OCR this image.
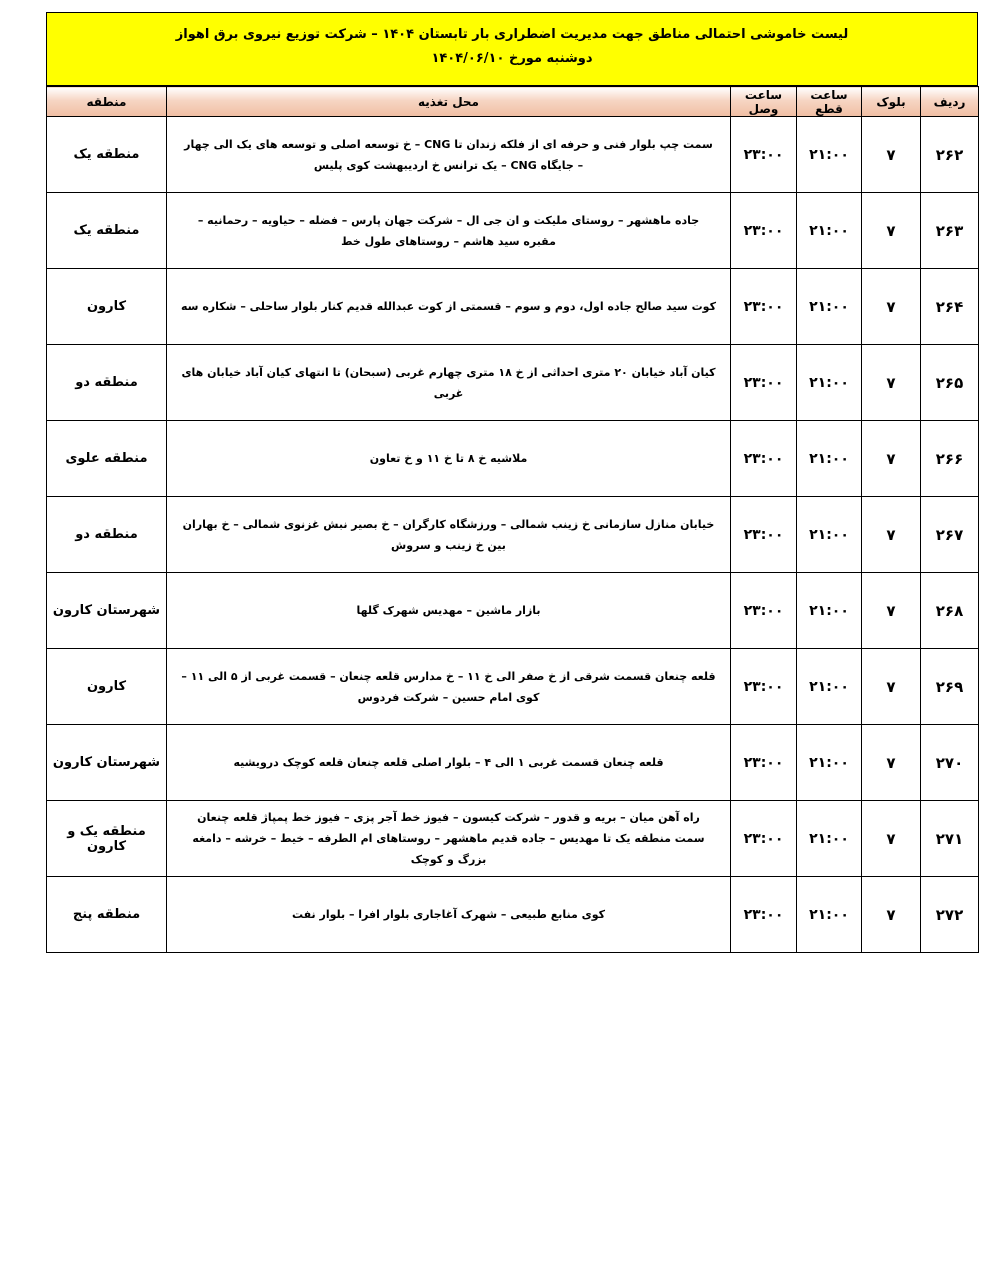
لیست خاموشی احتمالی مناطق جهت مدیریت اضطراری بار تابستان ۱۴۰۴ – شرکت توزیع نیروی برق اهواز
دوشنبه مورخ ۱۴۰۴/۰۶/۱۰
ردیف	بلوک	ساعت قطع	ساعت وصل	محل تغذیه	منطقه
۲۶۲	۷	۲۱:۰۰	۲۳:۰۰	سمت چپ بلوار فنی و حرفه ای از فلکه زندان تا CNG – خ توسعه اصلی و توسعه های یک الی چهار – جایگاه CNG – یک ترانس خ اردیبهشت کوی پلیس	منطقه یک
۲۶۳	۷	۲۱:۰۰	۲۳:۰۰	جاده ماهشهر – روستای ملیکت و ان جی ال – شرکت جهان پارس – فضله – حیاویه – رحمانیه – مقبره سید هاشم – روستاهای طول خط	منطقه یک
۲۶۴	۷	۲۱:۰۰	۲۳:۰۰	کوت سید صالح جاده اول، دوم و سوم – قسمتی از کوت عبدالله قدیم کنار بلوار ساحلی – شکاره سه	کارون
۲۶۵	۷	۲۱:۰۰	۲۳:۰۰	کیان آباد خیابان ۲۰ متری احداثی از خ ۱۸ متری چهارم غربی (سبحان) تا انتهای کیان آباد خیابان های غربی	منطقه دو
۲۶۶	۷	۲۱:۰۰	۲۳:۰۰	ملاشیه خ ۸ تا خ ۱۱ و خ تعاون	منطقه علوی
۲۶۷	۷	۲۱:۰۰	۲۳:۰۰	خیابان منازل سازمانی خ زینب شمالی – ورزشگاه کارگران – خ بصیر نبش غزنوی شمالی – خ بهاران بین خ زینب و سروش	منطقه دو
۲۶۸	۷	۲۱:۰۰	۲۳:۰۰	بازار ماشین – مهدیس شهرک گلها	شهرستان کارون
۲۶۹	۷	۲۱:۰۰	۲۳:۰۰	قلعه چنعان قسمت شرقی از خ صفر الی خ ۱۱ – خ مدارس قلعه چنعان – قسمت غربی از ۵ الی ۱۱ – کوی امام حسین – شرکت فردوس	کارون
۲۷۰	۷	۲۱:۰۰	۲۳:۰۰	قلعه چنعان قسمت غربی ۱ الی ۴ – بلوار اصلی قلعه چنعان قلعه کوچک درویشیه	شهرستان کارون
۲۷۱	۷	۲۱:۰۰	۲۳:۰۰	راه آهن میان – بریه و قدور – شرکت کیسون – فیوز خط آجر پزی – فیوز خط پمپاژ قلعه چنعان سمت منطقه یک تا مهدیس – جاده قدیم ماهشهر – روستاهای ام الطرفه – خیط – خرشه – دامغه بزرگ و کوچک	منطقه یک و کارون
۲۷۲	۷	۲۱:۰۰	۲۳:۰۰	کوی منابع طبیعی – شهرک آغاجاری بلوار افرا – بلوار نفت	منطقه پنج
